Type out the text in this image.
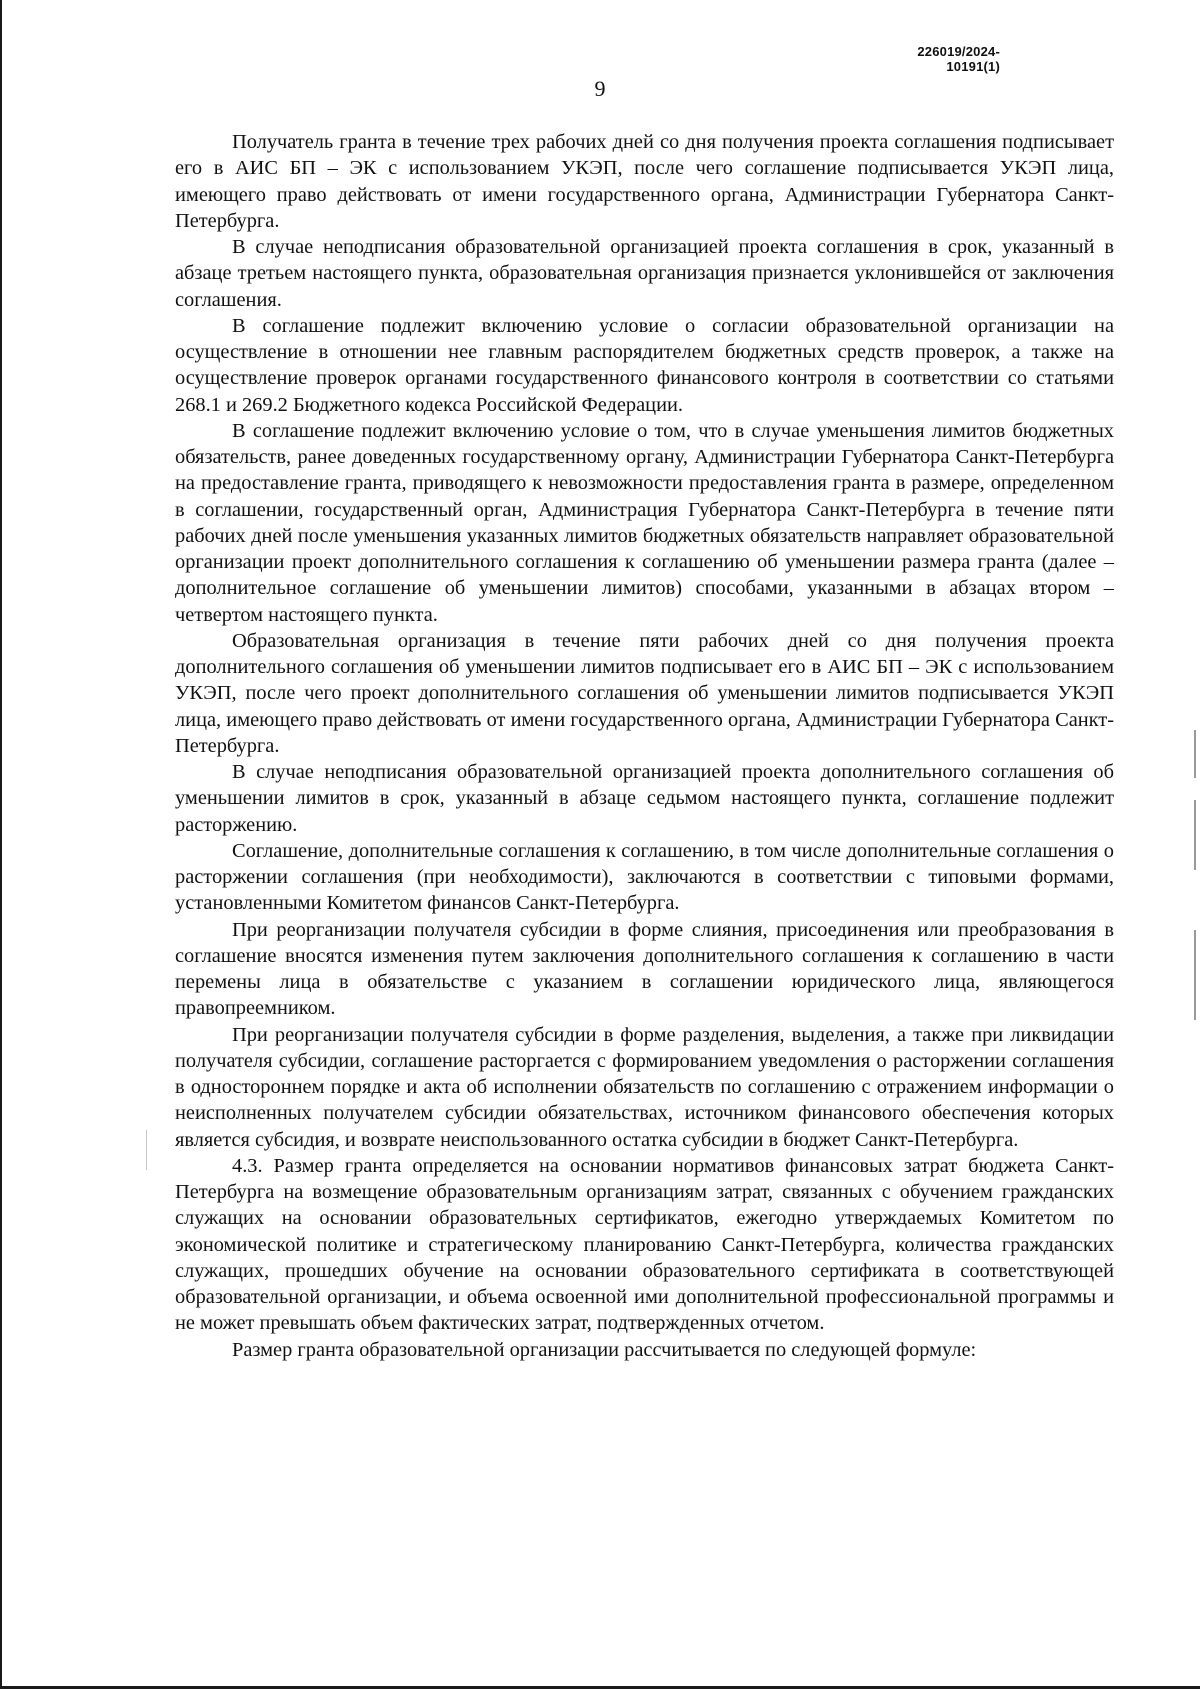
226019/2024-10191(1)
9

Получатель гранта в течение трех рабочих дней со дня получения проекта соглашения подписывает его в АИС БП – ЭК с использованием УКЭП, после чего соглашение подписывается УКЭП лица, имеющего право действовать от имени государственного органа, Администрации Губернатора Санкт-Петербурга.

В случае неподписания образовательной организацией проекта соглашения в срок, указанный в абзаце третьем настоящего пункта, образовательная организация признается уклонившейся от заключения соглашения.

В соглашение подлежит включению условие о согласии образовательной организации на осуществление в отношении нее главным распорядителем бюджетных средств проверок, а также на осуществление проверок органами государственного финансового контроля в соответствии со статьями 268.1 и 269.2 Бюджетного кодекса Российской Федерации.

В соглашение подлежит включению условие о том, что в случае уменьшения лимитов бюджетных обязательств, ранее доведенных государственному органу, Администрации Губернатора Санкт-Петербурга на предоставление гранта, приводящего к невозможности предоставления гранта в размере, определенном в соглашении, государственный орган, Администрация Губернатора Санкт-Петербурга в течение пяти рабочих дней после уменьшения указанных лимитов бюджетных обязательств направляет образовательной организации проект дополнительного соглашения к соглашению об уменьшении размера гранта (далее – дополнительное соглашение об уменьшении лимитов) способами, указанными в абзацах втором – четвертом настоящего пункта.

Образовательная организация в течение пяти рабочих дней со дня получения проекта дополнительного соглашения об уменьшении лимитов подписывает его в АИС БП – ЭК с использованием УКЭП, после чего проект дополнительного соглашения об уменьшении лимитов подписывается УКЭП лица, имеющего право действовать от имени государственного органа, Администрации Губернатора Санкт-Петербурга.

В случае неподписания образовательной организацией проекта дополнительного соглашения об уменьшении лимитов в срок, указанный в абзаце седьмом настоящего пункта, соглашение подлежит расторжению.

Соглашение, дополнительные соглашения к соглашению, в том числе дополнительные соглашения о расторжении соглашения (при необходимости), заключаются в соответствии с типовыми формами, установленными Комитетом финансов Санкт-Петербурга.

При реорганизации получателя субсидии в форме слияния, присоединения или преобразования в соглашение вносятся изменения путем заключения дополнительного соглашения к соглашению в части перемены лица в обязательстве с указанием в соглашении юридического лица, являющегося правопреемником.

При реорганизации получателя субсидии в форме разделения, выделения, а также при ликвидации получателя субсидии, соглашение расторгается с формированием уведомления о расторжении соглашения в одностороннем порядке и акта об исполнении обязательств по соглашению с отражением информации о неисполненных получателем субсидии обязательствах, источником финансового обеспечения которых является субсидия, и возврате неиспользованного остатка субсидии в бюджет Санкт-Петербурга.

4.3. Размер гранта определяется на основании нормативов финансовых затрат бюджета Санкт-Петербурга на возмещение образовательным организациям затрат, связанных с обучением гражданских служащих на основании образовательных сертификатов, ежегодно утверждаемых Комитетом по экономической политике и стратегическому планированию Санкт-Петербурга, количества гражданских служащих, прошедших обучение на основании образовательного сертификата в соответствующей образовательной организации, и объема освоенной ими дополнительной профессиональной программы и не может превышать объем фактических затрат, подтвержденных отчетом.

Размер гранта образовательной организации рассчитывается по следующей формуле:
